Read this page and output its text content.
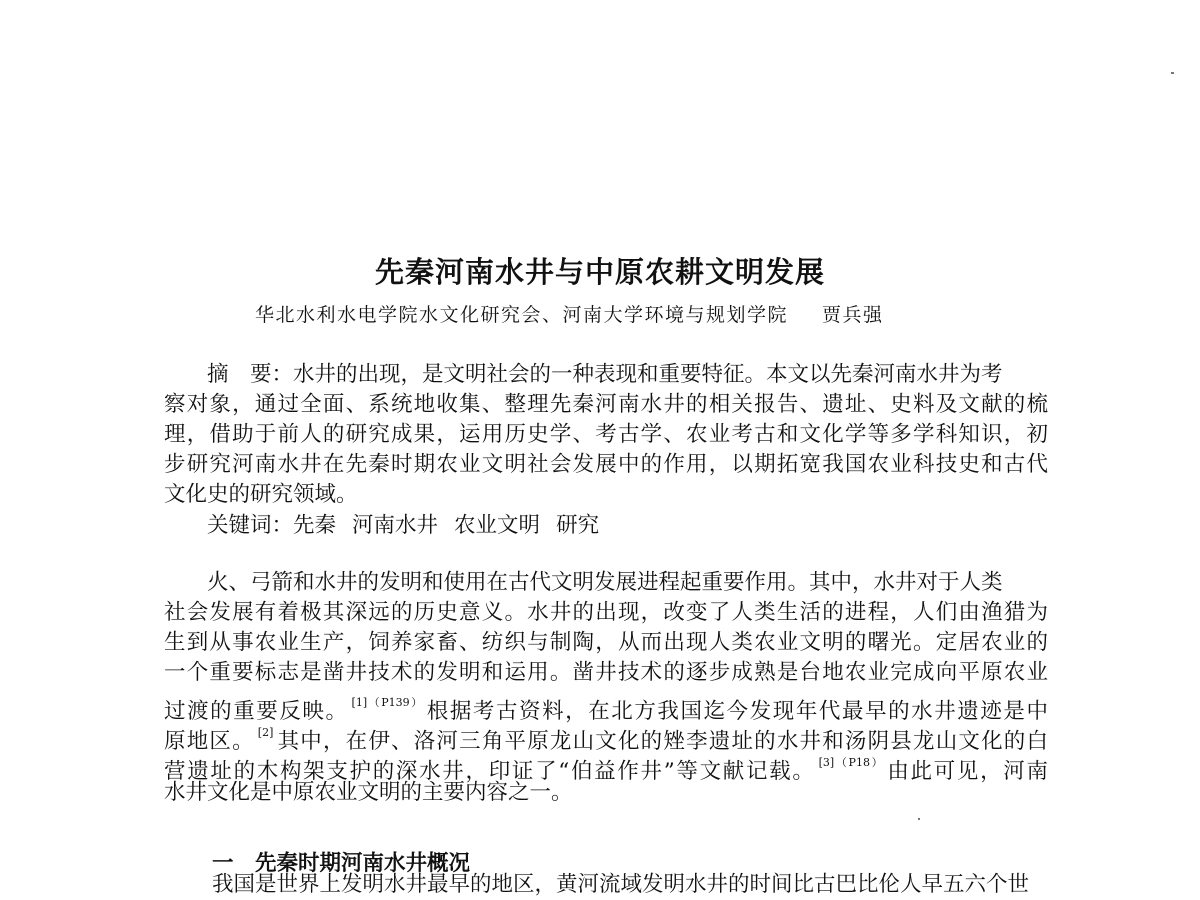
先秦河南水井与中原农耕文明发展
华北水利水电学院水文化研究会、河南大学环境与规划学院 贾兵强
摘　要：水井的出现，是文明社会的一种表现和重要特征。本文以先秦河南水井为考
察对象，通过全面、系统地收集、整理先秦河南水井的相关报告、遗址、史料及文献的梳
理，借助于前人的研究成果，运用历史学、考古学、农业考古和文化学等多学科知识，初
步研究河南水井在先秦时期农业文明社会发展中的作用，以期拓宽我国农业科技史和古代
文化史的研究领域。
关键词：先秦 河南水井 农业文明 研究
火、弓箭和水井的发明和使用在古代文明发展进程起重要作用。其中，水井对于人类
社会发展有着极其深远的历史意义。水井的出现，改变了人类生活的进程，人们由渔猎为
生到从事农业生产，饲养家畜、纺织与制陶，从而出现人类农业文明的曙光。定居农业的
一个重要标志是凿井技术的发明和运用。凿井技术的逐步成熟是台地农业完成向平原农业
过渡的重要反映。 $^{[1](P139)}$ 根据考古资料，在北方我国迄今发现年代最早的水井遗迹是中
原地区。 [2] 其中，在伊、洛河三角平原龙山文化的矬李遗址的水井和汤阴县龙山文化的白
营遗址的木构架支护的深水井，印证了“伯益作井”等文献记载。 $^{[3](P18)}$ 由此可见，河南
水井文化是中原农业文明的主要内容之一。
一　先秦时期河南水井概况
我国是世界上发明水井最早的地区，黄河流域发明水井的时间比古巴比伦人早五六个世
